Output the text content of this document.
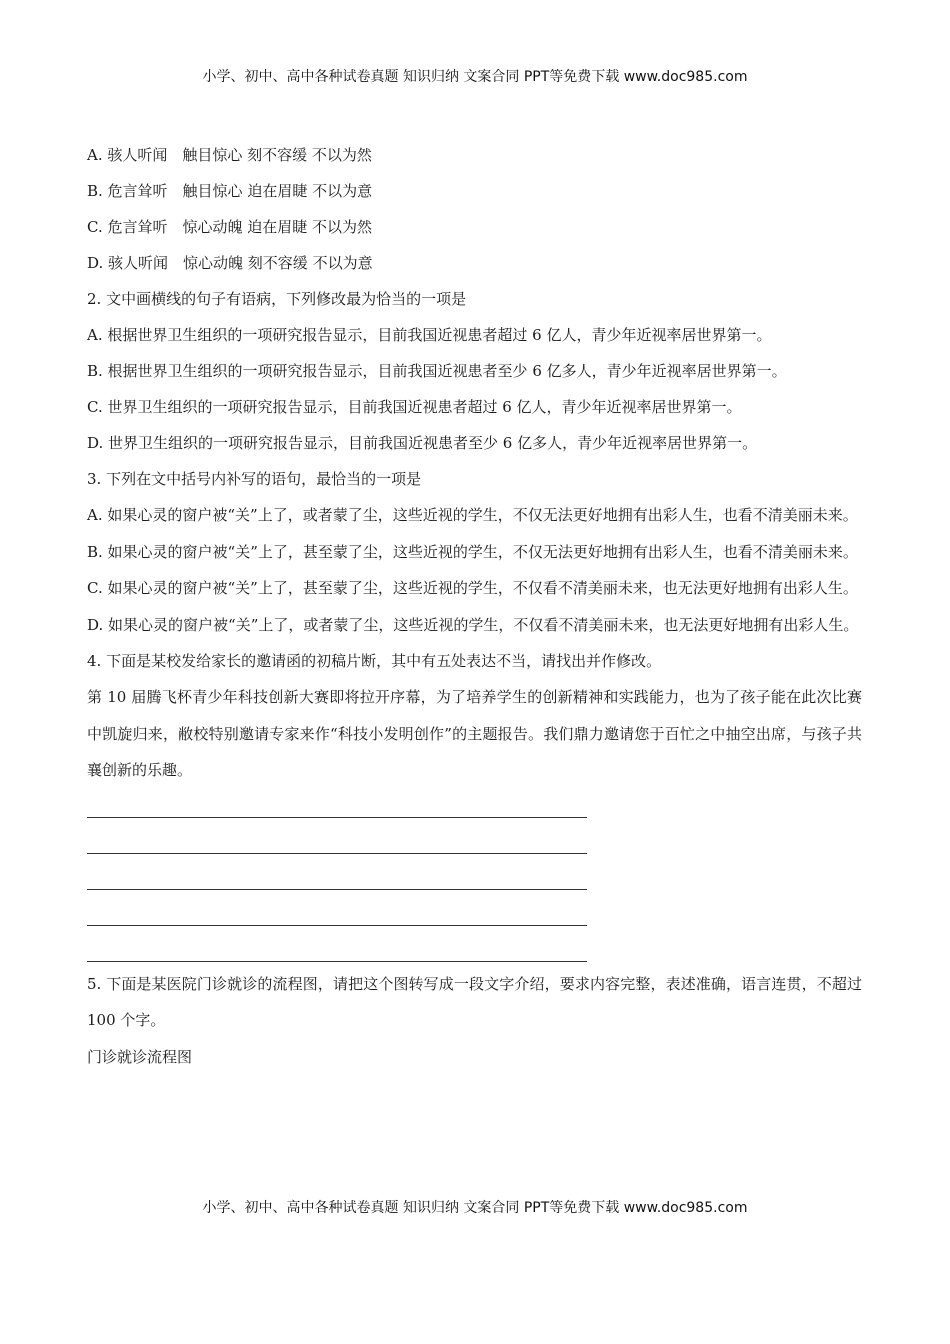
小学、初中、高中各种试卷真题 知识归纳 文案合同 PPT等免费下载 www.doc985.com
A. 骇人听闻　触目惊心 刻不容缓 不以为然
B. 危言耸听　触目惊心 迫在眉睫 不以为意
C. 危言耸听　惊心动魄 迫在眉睫 不以为然
D. 骇人听闻　惊心动魄 刻不容缓 不以为意
2. 文中画横线的句子有语病，下列修改最为恰当的一项是
A. 根据世界卫生组织的一项研究报告显示，目前我国近视患者超过 6 亿人，青少年近视率居世界第一。
B. 根据世界卫生组织的一项研究报告显示，目前我国近视患者至少 6 亿多人，青少年近视率居世界第一。
C. 世界卫生组织的一项研究报告显示，目前我国近视患者超过 6 亿人，青少年近视率居世界第一。
D. 世界卫生组织的一项研究报告显示，目前我国近视患者至少 6 亿多人，青少年近视率居世界第一。
3. 下列在文中括号内补写的语句，最恰当的一项是
A. 如果心灵的窗户被“关”上了，或者蒙了尘，这些近视的学生，不仅无法更好地拥有出彩人生，也看不清美丽未来。
B. 如果心灵的窗户被“关”上了，甚至蒙了尘，这些近视的学生，不仅无法更好地拥有出彩人生，也看不清美丽未来。
C. 如果心灵的窗户被“关”上了，甚至蒙了尘，这些近视的学生，不仅看不清美丽未来，也无法更好地拥有出彩人生。
D. 如果心灵的窗户被“关”上了，或者蒙了尘，这些近视的学生，不仅看不清美丽未来，也无法更好地拥有出彩人生。
4. 下面是某校发给家长的邀请函的初稿片断，其中有五处表达不当，请找出并作修改。
第 10 届腾飞杯青少年科技创新大赛即将拉开序幕，为了培养学生的创新精神和实践能力，也为了孩子能在此次比赛中凯旋归来，敝校特别邀请专家来作“科技小发明创作”的主题报告。我们鼎力邀请您于百忙之中抽空出席，与孩子共襄创新的乐趣。
5. 下面是某医院门诊就诊的流程图，请把这个图转写成一段文字介绍，要求内容完整，表述准确，语言连贯，不超过 100 个字。
门诊就诊流程图
小学、初中、高中各种试卷真题 知识归纳 文案合同 PPT等免费下载 www.doc985.com
